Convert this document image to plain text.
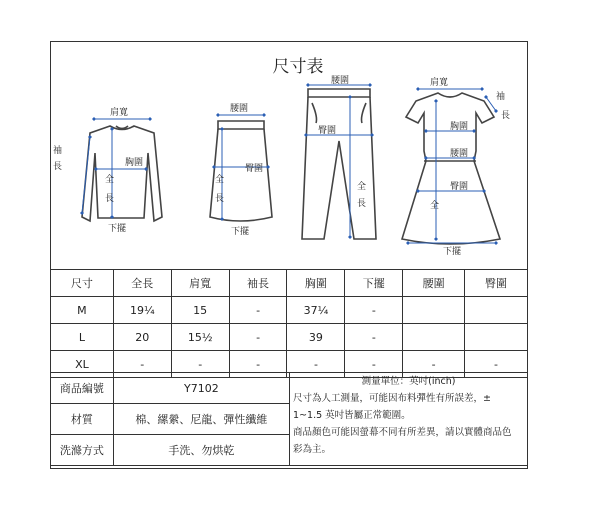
尺寸表
肩寬
胸圍
全
長
下擺
袖
長
腰圍
臀圍
全
長
下擺
腰圍
臀圍
全
長
肩寬
袖
長
胸圍
腰圍
臀圍
全
下擺
尺寸	全長	肩寬	袖長	胸圍	下擺	腰圍	臀圍
M	19¼	15	-	37¼	-		
L	20	15½	-	39	-		
XL	-	-	-	-	-	-	-
商品編號	Y7102	測量單位：英吋(inch)
尺寸為人工測量，可能因布料彈性有所誤差，±
1~1.5 英吋皆屬正常範圍。
商品顏色可能因螢幕不同有所差異，請以實體商品色
彩為主。

材質	棉、縲縈、尼龍、彈性纖維	
洗滌方式	手洗、勿烘乾	
